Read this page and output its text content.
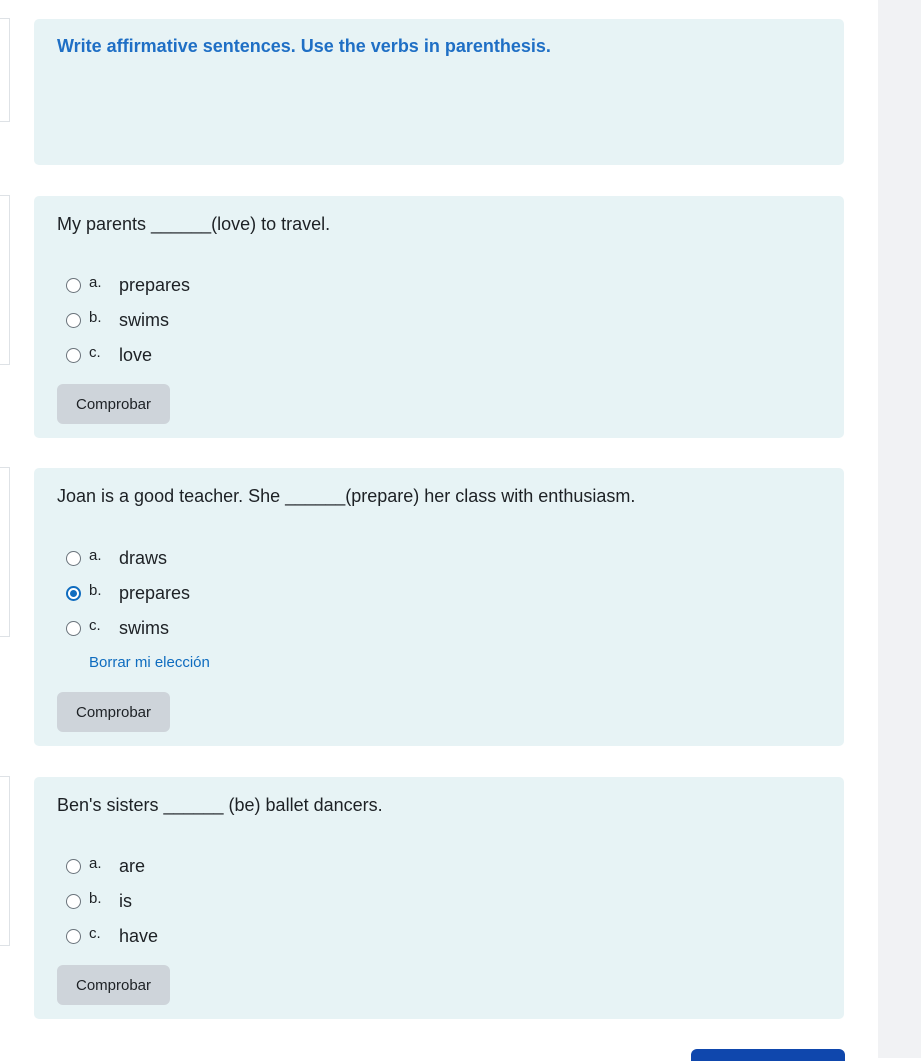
Write affirmative sentences. Use the verbs in parenthesis.
My parents ______(love) to travel.
a. prepares
b. swims
c.	love
Comprobar
Joan is a good teacher. She ______(prepare) her class with enthusiasm.
a. draws
b. prepares
c.	swims
Borrar mi elección
Comprobar
Ben's sisters ______ (be) ballet dancers.
a. are
b. is
c.	have
Comprobar
